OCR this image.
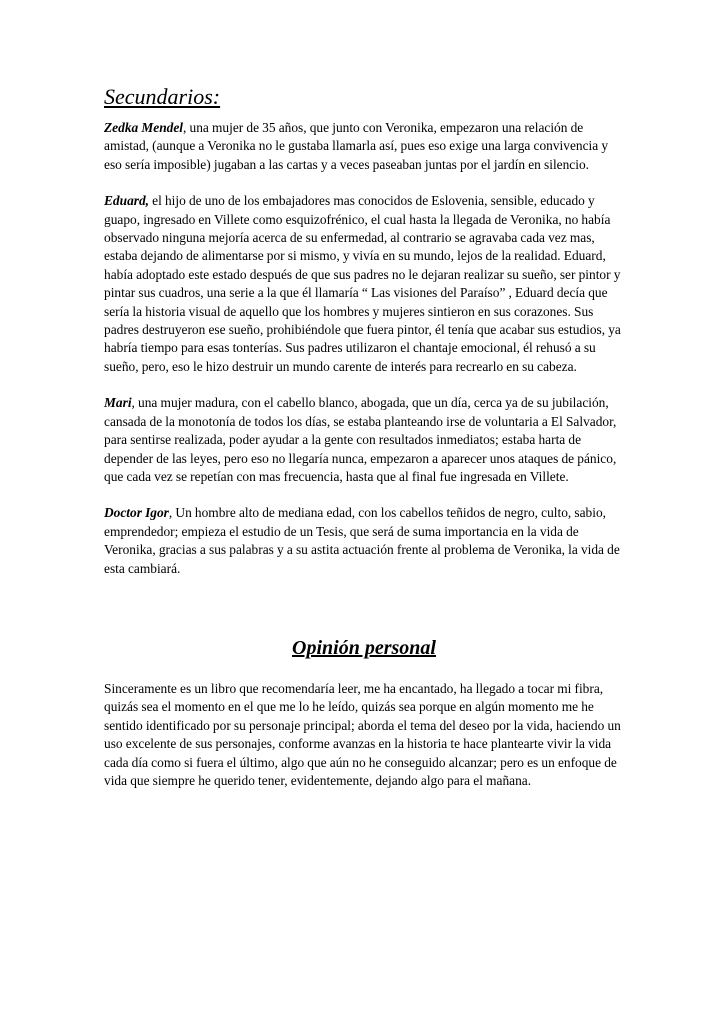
Secundarios:

Zedka Mendel, una mujer de 35 años, que junto con Veronika, empezaron una relación de amistad, (aunque a Veronika no le gustaba llamarla así, pues eso exige una larga convivencia y eso sería imposible) jugaban a las cartas y a veces paseaban juntas por el jardín en silencio.

Eduard, el hijo de uno de los embajadores mas conocidos de Eslovenia, sensible, educado y guapo, ingresado en Villete como esquizofrénico, el cual hasta la llegada de Veronika, no había observado ninguna mejoría acerca de su enfermedad, al contrario se agravaba cada vez mas, estaba dejando de alimentarse por si mismo, y vivía en su mundo, lejos de la realidad. Eduard, había adoptado este estado después de que sus padres no le dejaran realizar su sueño, ser pintor y pintar sus cuadros, una serie a la que él llamaría “ Las visiones del Paraíso” , Eduard decía que sería la historia visual de aquello que los hombres y mujeres sintieron en sus corazones. Sus padres destruyeron ese sueño, prohibiéndole que fuera pintor, él tenía que acabar sus estudios, ya habría tiempo para esas tonterías. Sus padres utilizaron el chantaje emocional, él rehusó a su sueño, pero, eso le hizo destruir un mundo carente de interés para recrearlo en su cabeza.

Mari, una mujer madura, con el cabello blanco, abogada, que un día, cerca ya de su jubilación, cansada de la monotonía de todos los días, se estaba planteando irse de voluntaria a El Salvador, para sentirse realizada, poder ayudar a la gente con resultados inmediatos; estaba harta de depender de las leyes, pero eso no llegaría nunca, empezaron a aparecer unos ataques de pánico, que cada vez se repetían con mas frecuencia, hasta que al final fue ingresada en Villete.

Doctor Igor, Un hombre alto de mediana edad, con los cabellos teñidos de negro, culto, sabio, emprendedor; empieza el estudio de un Tesis, que será de suma importancia en la vida de Veronika, gracias a sus palabras y a su astita actuación frente al problema de Veronika, la vida de esta cambiará.

Opinión personal

Sinceramente es un libro que recomendaría leer, me ha encantado, ha llegado a tocar mi fibra, quizás sea el momento en el que me lo he leído, quizás sea porque en algún momento me he sentido identificado por su personaje principal; aborda el tema del deseo por la vida, haciendo un uso excelente de sus personajes, conforme avanzas en la historia te hace plantearte vivir la vida cada día como si fuera el último, algo que aún no he conseguido alcanzar; pero es un enfoque de vida que siempre he querido tener, evidentemente, dejando algo para el mañana.
